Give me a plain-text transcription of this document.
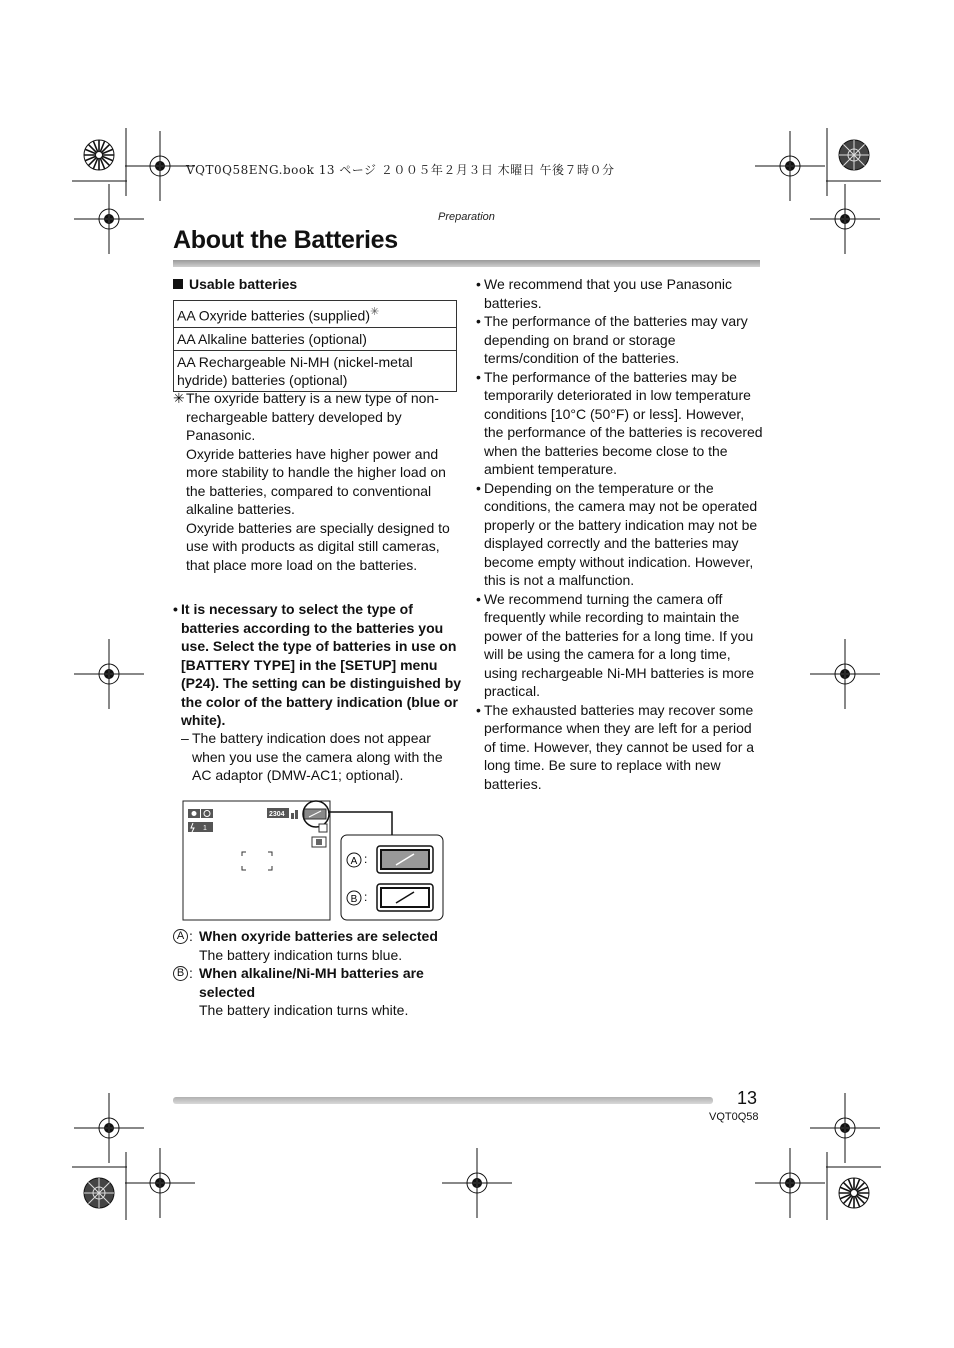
VQT0Q58ENG.book 13 ページ ２００５年２月３日 木曜日 午後７時０分
Preparation
About the Batteries
Usable batteries
AA Oxyride batteries (supplied)✳
AA Alkaline batteries (optional)
AA Rechargeable Ni-MH (nickel-metal hydride) batteries (optional)
✳ The oxyride battery is a new type of non-rechargeable battery developed by Panasonic.

Oxyride batteries have higher power and more stability to handle the higher load on the batteries, compared to conventional alkaline batteries.

Oxyride batteries are specially designed to use with products as digital still cameras, that place more load on the batteries.

• It is necessary to select the type of batteries according to the batteries you use. Select the type of batteries in use on [BATTERY TYPE] in the [SETUP] menu (P24). The setting can be distinguished by the color of the battery indication (blue or white).
– The battery indication does not appear when you use the camera along with the AC adaptor (DMW-AC1; optional).

1
2304
A :
B :
A : When oxyride batteries are selected
The battery indication turns blue.
B : When alkaline/Ni-MH batteries are selected
The battery indication turns white.
• We recommend that you use Panasonic batteries.
• The performance of the batteries may vary depending on brand or storage terms/condition of the batteries.
• The performance of the batteries may be temporarily deteriorated in low temperature conditions [10°C (50°F) or less]. However, the performance of the batteries is recovered when the batteries become close to the ambient temperature.
• Depending on the temperature or the conditions, the camera may not be operated properly or the battery indication may not be displayed correctly and the batteries may become empty without indication. However, this is not a malfunction.
• We recommend turning the camera off frequently while recording to maintain the power of the batteries for a long time. If you will be using the camera for a long time, using rechargeable Ni-MH batteries is more practical.
• The exhausted batteries may recover some performance when they are left for a period of time. However, they cannot be used for a long time. Be sure to replace with new batteries.
13
VQT0Q58
